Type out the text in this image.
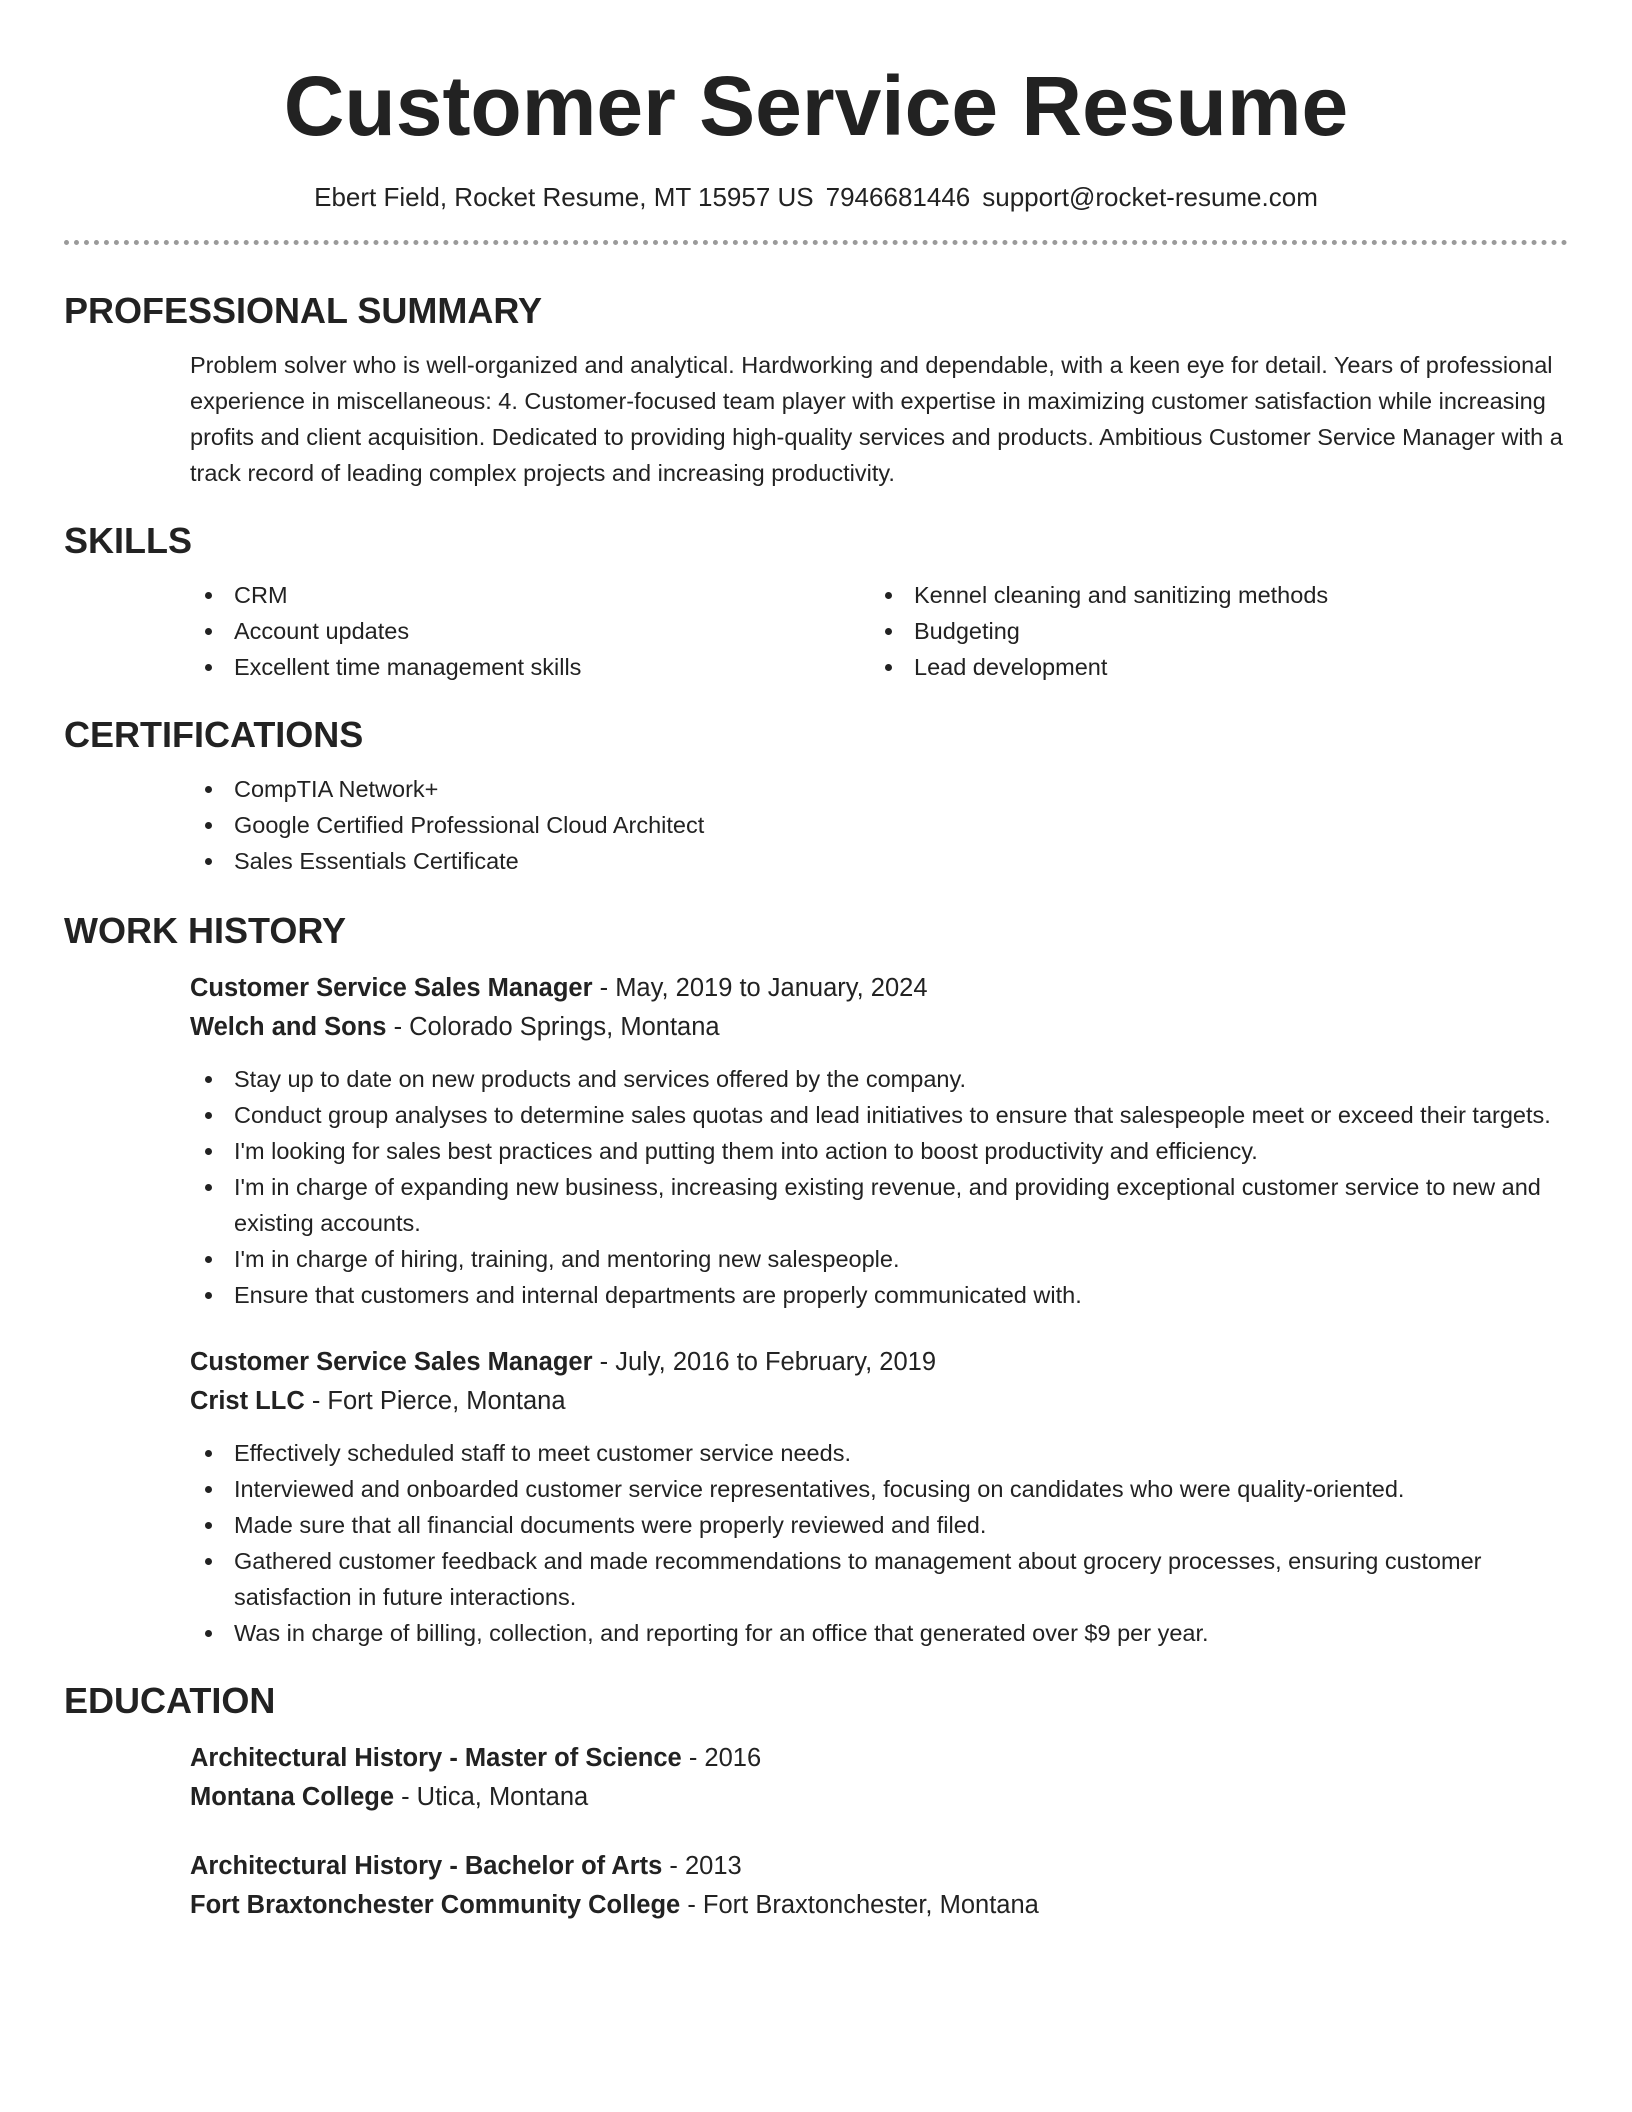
Customer Service Resume
Ebert Field, Rocket Resume, MT 15957 US 7946681446 support@rocket-resume.com
PROFESSIONAL SUMMARY
Problem solver who is well-organized and analytical. Hardworking and dependable, with a keen eye for detail. Years of professional experience in miscellaneous: 4. Customer-focused team player with expertise in maximizing customer satisfaction while increasing profits and client acquisition. Dedicated to providing high-quality services and products. Ambitious Customer Service Manager with a track record of leading complex projects and increasing productivity.
SKILLS
CRM
Account updates
Excellent time management skills
Kennel cleaning and sanitizing methods
Budgeting
Lead development
CERTIFICATIONS
CompTIA Network+
Google Certified Professional Cloud Architect
Sales Essentials Certificate
WORK HISTORY
Customer Service Sales Manager - May, 2019 to January, 2024
Welch and Sons - Colorado Springs, Montana
Stay up to date on new products and services offered by the company.
Conduct group analyses to determine sales quotas and lead initiatives to ensure that salespeople meet or exceed their targets.
I'm looking for sales best practices and putting them into action to boost productivity and efficiency.
I'm in charge of expanding new business, increasing existing revenue, and providing exceptional customer service to new and existing accounts.
I'm in charge of hiring, training, and mentoring new salespeople.
Ensure that customers and internal departments are properly communicated with.
Customer Service Sales Manager - July, 2016 to February, 2019
Crist LLC - Fort Pierce, Montana
Effectively scheduled staff to meet customer service needs.
Interviewed and onboarded customer service representatives, focusing on candidates who were quality-oriented.
Made sure that all financial documents were properly reviewed and filed.
Gathered customer feedback and made recommendations to management about grocery processes, ensuring customer satisfaction in future interactions.
Was in charge of billing, collection, and reporting for an office that generated over $9 per year.
EDUCATION
Architectural History - Master of Science - 2016
Montana College - Utica, Montana
Architectural History - Bachelor of Arts - 2013
Fort Braxtonchester Community College - Fort Braxtonchester, Montana
